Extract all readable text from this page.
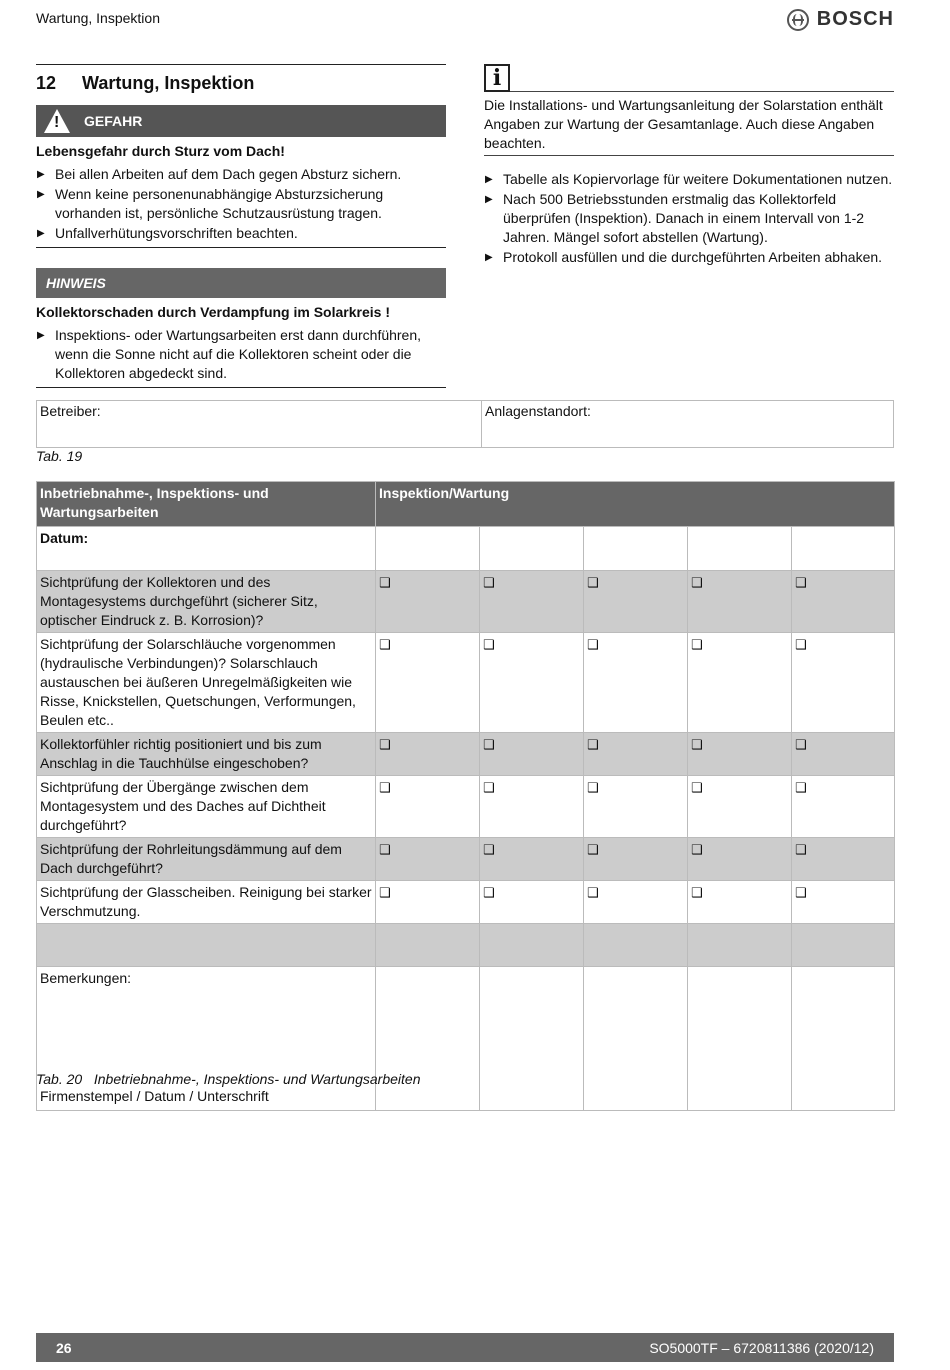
Wartung, Inspektion	BOSCH
12 Wartung, Inspektion
! GEFAHR
Lebensgefahr durch Sturz vom Dach!
▶ Bei allen Arbeiten auf dem Dach gegen Absturz sichern.
▶ Wenn keine personenunabhängige Absturzsicherung vorhanden ist, persönliche Schutzausrüstung tragen.
▶ Unfallverhütungsvorschriften beachten.
HINWEIS
Kollektorschaden durch Verdampfung im Solarkreis !
▶ Inspektions- oder Wartungsarbeiten erst dann durchführen, wenn die Sonne nicht auf die Kollektoren scheint oder die Kollektoren abgedeckt sind.
i
Die Installations- und Wartungsanleitung der Solarstation enthält Angaben zur Wartung der Gesamtanlage. Auch diese Angaben beachten.
▶ Tabelle als Kopiervorlage für weitere Dokumentationen nutzen.
▶ Nach 500 Betriebsstunden erstmalig das Kollektorfeld überprüfen (Inspektion). Danach in einem Intervall von 1-2 Jahren. Mängel sofort abstellen (Wartung).
▶ Protokoll ausfüllen und die durchgeführten Arbeiten abhaken.
Betreiber:	Anlagenstandort:
Tab. 19
Inbetriebnahme-, Inspektions- und Wartungsarbeiten	Inspektion/Wartung				
Datum:					
Sichtprüfung der Kollektoren und des Montagesystems durchgeführt (sicherer Sitz, optischer Eindruck z. B. Korrosion)?	❑	❑	❑	❑	❑
Sichtprüfung der Solarschläuche vorgenommen (hydraulische Verbindungen)? Solarschlauch austauschen bei äußeren Unregelmäßigkeiten wie Risse, Knickstellen, Quetschungen, Verformungen, Beulen etc..	❑	❑	❑	❑	❑
Kollektorfühler richtig positioniert und bis zum Anschlag in die Tauchhülse eingeschoben?	❑	❑	❑	❑	❑
Sichtprüfung der Übergänge zwischen dem Montagesystem und des Daches auf Dichtheit durchgeführt?	❑	❑	❑	❑	❑
Sichtprüfung der Rohrleitungsdämmung auf dem Dach durchgeführt?	❑	❑	❑	❑	❑
Sichtprüfung der Glasscheiben. Reinigung bei starker Verschmutzung.	❑	❑	❑	❑	❑

Bemerkungen:
Firmenstempel / Datum / Unterschrift					

Tab. 20 Inbetriebnahme-, Inspektions- und Wartungsarbeiten
26	SO5000TF – 6720811386 (2020/12)
